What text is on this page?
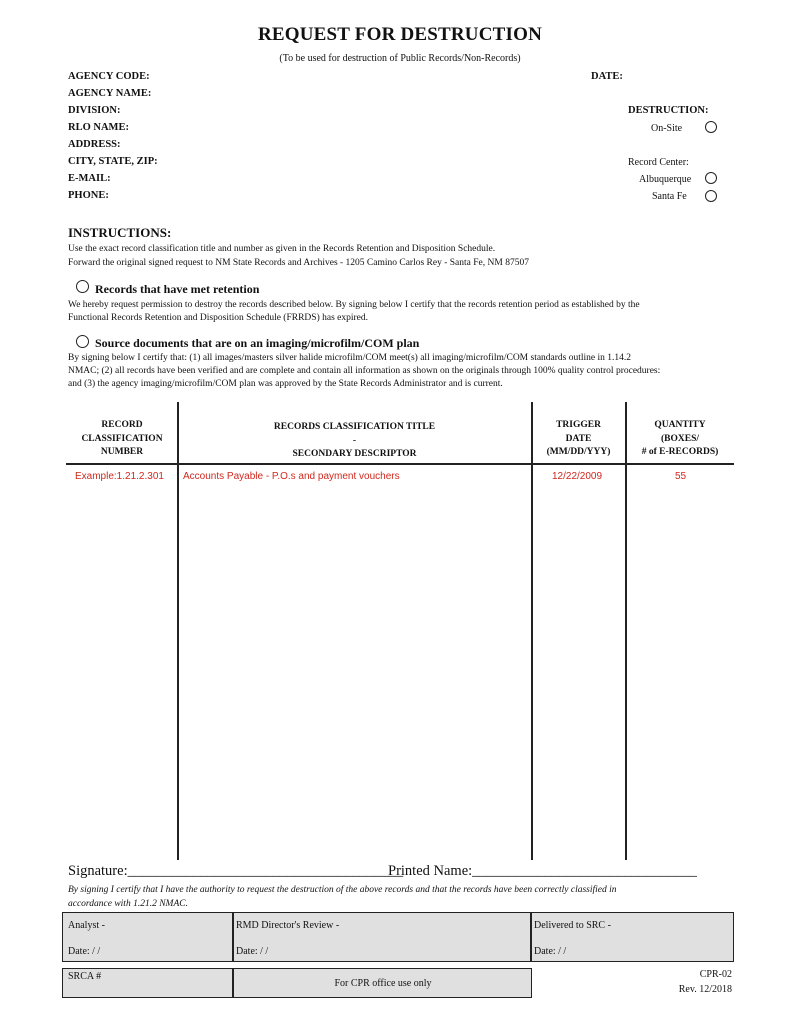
REQUEST FOR DESTRUCTION
(To be used for destruction of Public Records/Non-Records)
AGENCY CODE:
AGENCY NAME:
DIVISION:
RLO NAME:
ADDRESS:
CITY, STATE, ZIP:
E-MAIL:
PHONE:
DATE:
DESTRUCTION:
On-Site
Record Center:
Albuquerque
Santa Fe
INSTRUCTIONS:
Use the exact record classification title and number as given in the Records Retention and Disposition Schedule.
Forward the original signed request to NM State Records and Archives - 1205 Camino Carlos Rey - Santa Fe, NM 87507
Records that have met retention
We hereby request permission to destroy the records described below. By signing below I certify that the records retention period as established by the
Functional Records Retention and Disposition Schedule (FRRDS) has expired.
Source documents that are on an imaging/microfilm/COM plan
By signing below I certify that: (1) all images/masters silver halide microfilm/COM meet(s) all imaging/microfilm/COM standards outline in 1.14.2
NMAC; (2) all records have been verified and are complete and contain all information as shown on the originals through 100% quality control procedures:
and (3) the agency imaging/microfilm/COM plan was approved by the State Records Administrator and is current.
RECORD
CLASSIFICATION
NUMBER
RECORDS CLASSIFICATION TITLE
-
SECONDARY DESCRIPTOR
TRIGGER
DATE
(MM/DD/YYY)
QUANTITY
(BOXES/
# of E-RECORDS)
Example:1.21.2.301 Accounts Payable - P.O.s and payment vouchers	12/22/2009	55
Signature:______________________________________
Printed Name:_______________________________
By signing I certify that I have the authority to request the destruction of the above records and that the records have been correctly classified in
accordance with 1.21.2 NMAC.
Analyst -
Date: / /
RMD Director's Review -
Date: / /
Delivered to SRC -
Date: / /
SRCA #
For CPR office use only
CPR-02
Rev. 12/2018
